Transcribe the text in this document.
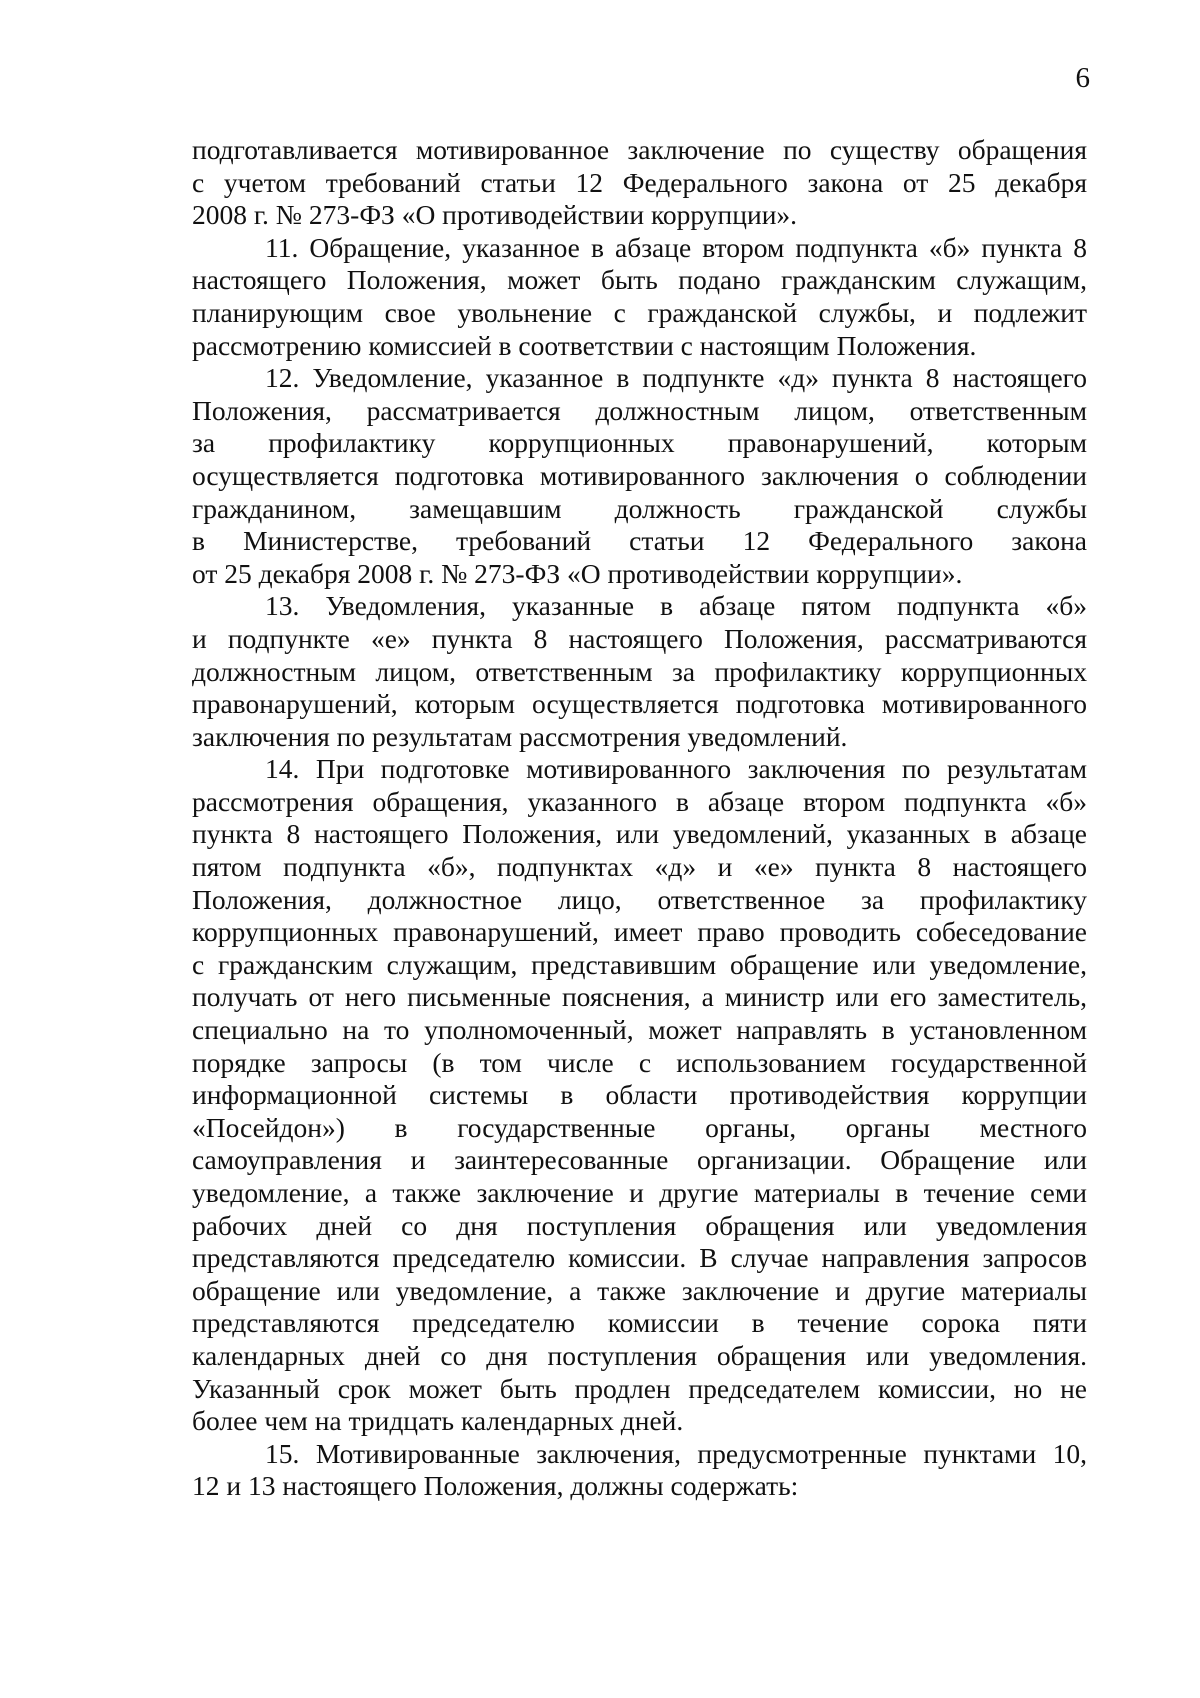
6
подготавливается мотивированное заключение по существу обращения
с учетом требований статьи 12 Федерального закона от 25 декабря
2008 г. № 273-ФЗ «О противодействии коррупции».
11. Обращение, указанное в абзаце втором подпункта «б» пункта 8
настоящего Положения, может быть подано гражданским служащим,
планирующим свое увольнение с гражданской службы, и подлежит
рассмотрению комиссией в соответствии с настоящим Положения.
12. Уведомление, указанное в подпункте «д» пункта 8 настоящего
Положения, рассматривается должностным лицом, ответственным
за профилактику коррупционных правонарушений, которым
осуществляется подготовка мотивированного заключения о соблюдении
гражданином, замещавшим должность гражданской службы
в Министерстве, требований статьи 12 Федерального закона
от 25 декабря 2008 г. № 273-ФЗ «О противодействии коррупции».
13. Уведомления, указанные в абзаце пятом подпункта «б»
и подпункте «е» пункта 8 настоящего Положения, рассматриваются
должностным лицом, ответственным за профилактику коррупционных
правонарушений, которым осуществляется подготовка мотивированного
заключения по результатам рассмотрения уведомлений.
14. При подготовке мотивированного заключения по результатам
рассмотрения обращения, указанного в абзаце втором подпункта «б»
пункта 8 настоящего Положения, или уведомлений, указанных в абзаце
пятом подпункта «б», подпунктах «д» и «е» пункта 8 настоящего
Положения, должностное лицо, ответственное за профилактику
коррупционных правонарушений, имеет право проводить собеседование
с гражданским служащим, представившим обращение или уведомление,
получать от него письменные пояснения, а министр или его заместитель,
специально на то уполномоченный, может направлять в установленном
порядке запросы (в том числе с использованием государственной
информационной системы в области противодействия коррупции
«Посейдон») в государственные органы, органы местного
самоуправления и заинтересованные организации. Обращение или
уведомление, а также заключение и другие материалы в течение семи
рабочих дней со дня поступления обращения или уведомления
представляются председателю комиссии. В случае направления запросов
обращение или уведомление, а также заключение и другие материалы
представляются председателю комиссии в течение сорока пяти
календарных дней со дня поступления обращения или уведомления.
Указанный срок может быть продлен председателем комиссии, но не
более чем на тридцать календарных дней.
15. Мотивированные заключения, предусмотренные пунктами 10,
12 и 13 настоящего Положения, должны содержать:
